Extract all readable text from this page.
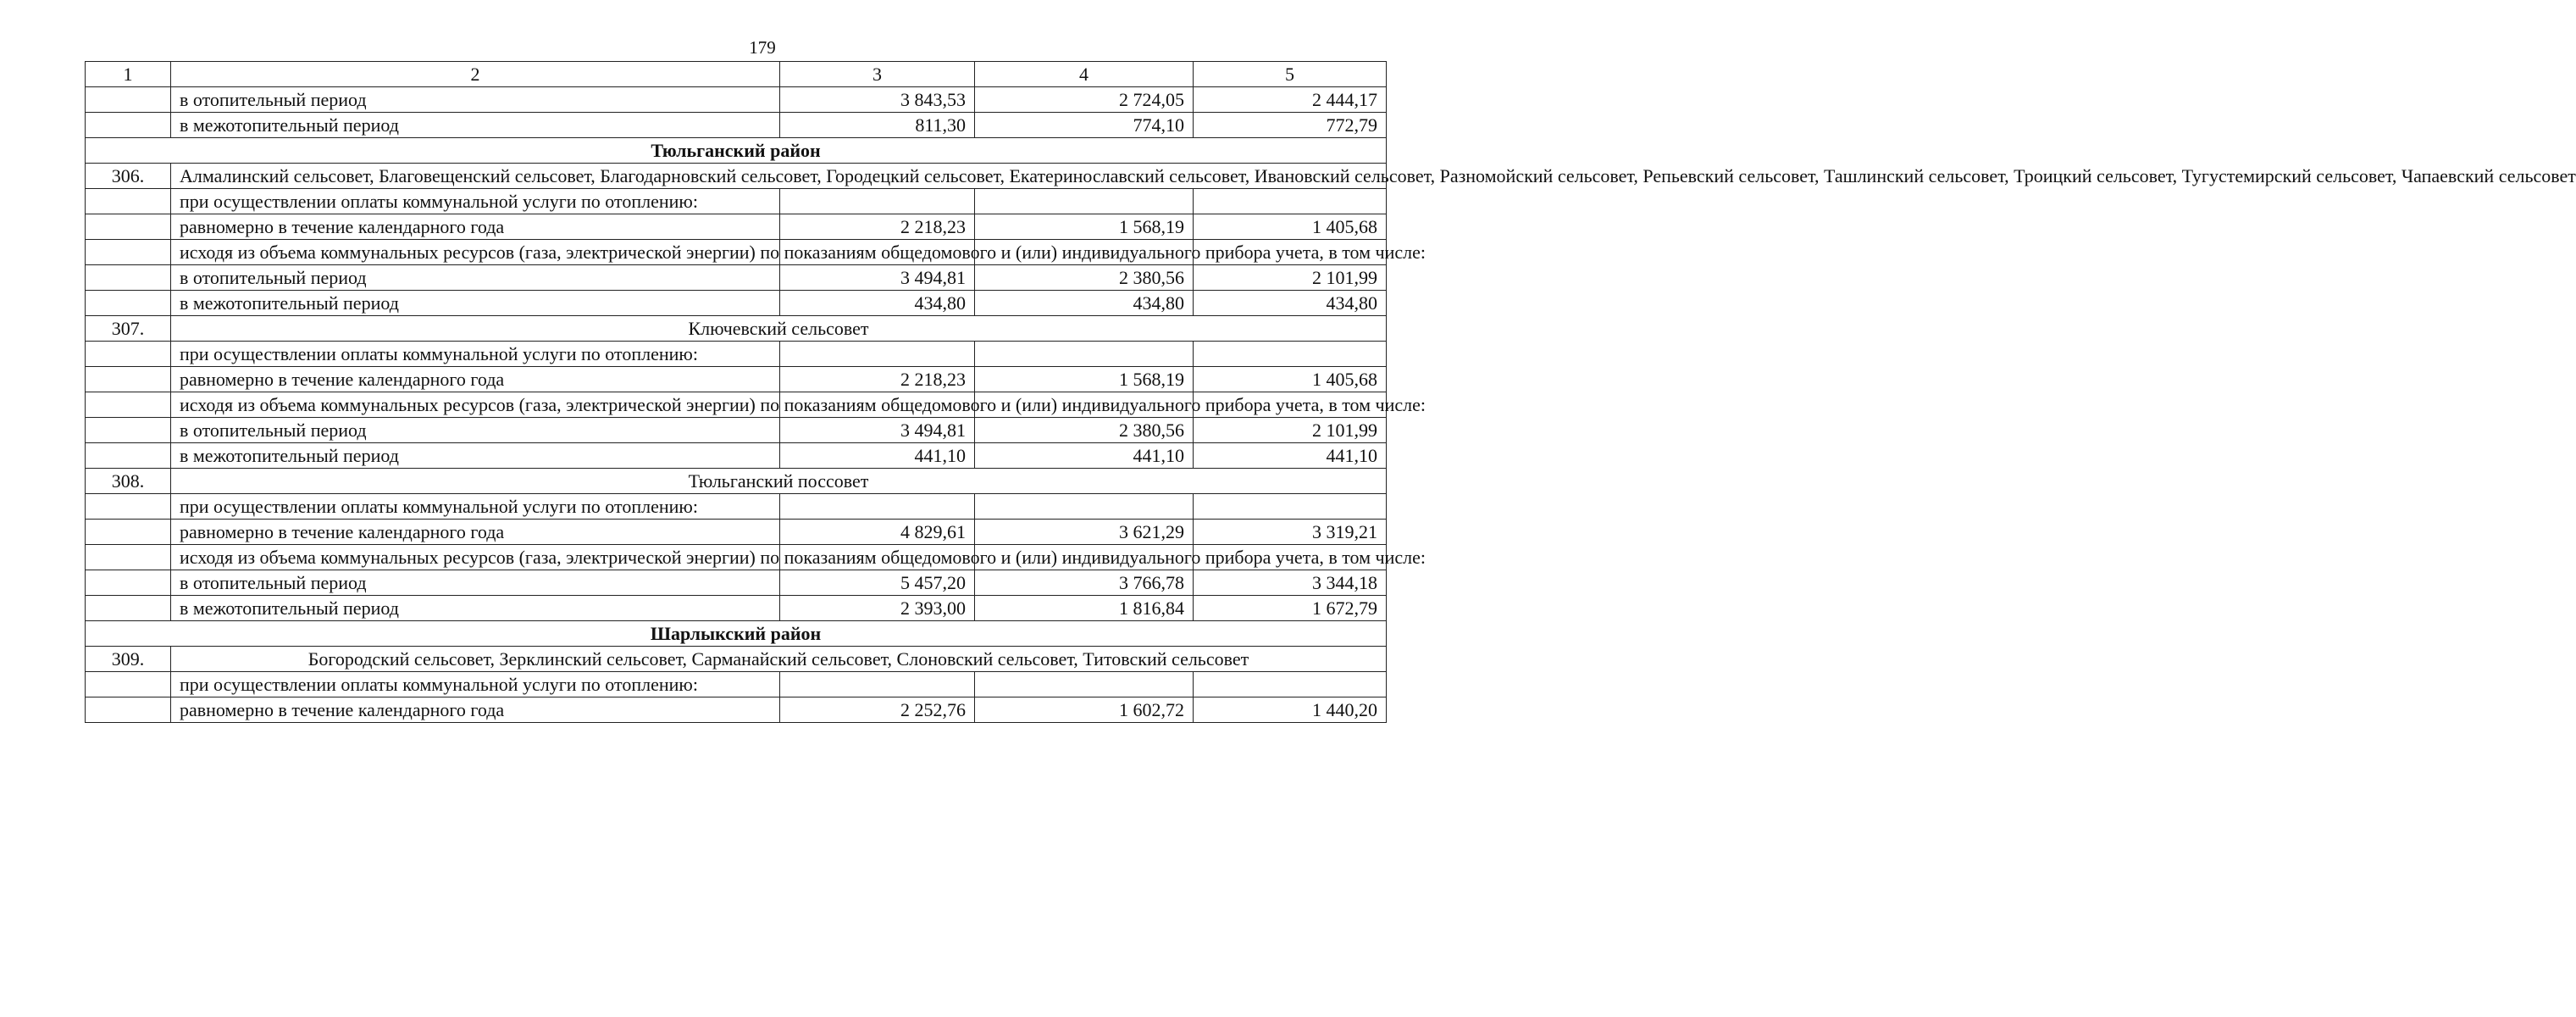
179
1	2	3	4	5
	в отопительный период	3 843,53	2 724,05	2 444,17
	в межотопительный период	811,30	774,10	772,79
Тюльганский район				
306.	Алмалинский сельсовет, Благовещенский сельсовет, Благодарновский сельсовет, Городецкий сельсовет, Екатеринославский сельсовет, Ивановский сельсовет, Разномойский сельсовет, Репьевский сельсовет, Ташлинский сельсовет, Троицкий сельсовет, Тугустемирский сельсовет, Чапаевский сельсовет			
	при осуществлении оплаты коммунальной услуги по отоплению:			
	равномерно в течение календарного года	2 218,23	1 568,19	1 405,68
	исходя из объема коммунальных ресурсов (газа, электрической энергии) по показаниям общедомового и (или) индивидуального прибора учета, в том числе:			
	в отопительный период	3 494,81	2 380,56	2 101,99
	в межотопительный период	434,80	434,80	434,80
307.	Ключевский сельсовет			
	при осуществлении оплаты коммунальной услуги по отоплению:			
	равномерно в течение календарного года	2 218,23	1 568,19	1 405,68
	исходя из объема коммунальных ресурсов (газа, электрической энергии) по показаниям общедомового и (или) индивидуального прибора учета, в том числе:			
	в отопительный период	3 494,81	2 380,56	2 101,99
	в межотопительный период	441,10	441,10	441,10
308.	Тюльганский поссовет			
	при осуществлении оплаты коммунальной услуги по отоплению:			
	равномерно в течение календарного года	4 829,61	3 621,29	3 319,21
	исходя из объема коммунальных ресурсов (газа, электрической энергии) по показаниям общедомового и (или) индивидуального прибора учета, в том числе:			
	в отопительный период	5 457,20	3 766,78	3 344,18
	в межотопительный период	2 393,00	1 816,84	1 672,79
Шарлыкский район				
309.	Богородский сельсовет, Зерклинский сельсовет, Сарманайский сельсовет, Слоновский сельсовет, Титовский сельсовет			
	при осуществлении оплаты коммунальной услуги по отоплению:			
	равномерно в течение календарного года	2 252,76	1 602,72	1 440,20
